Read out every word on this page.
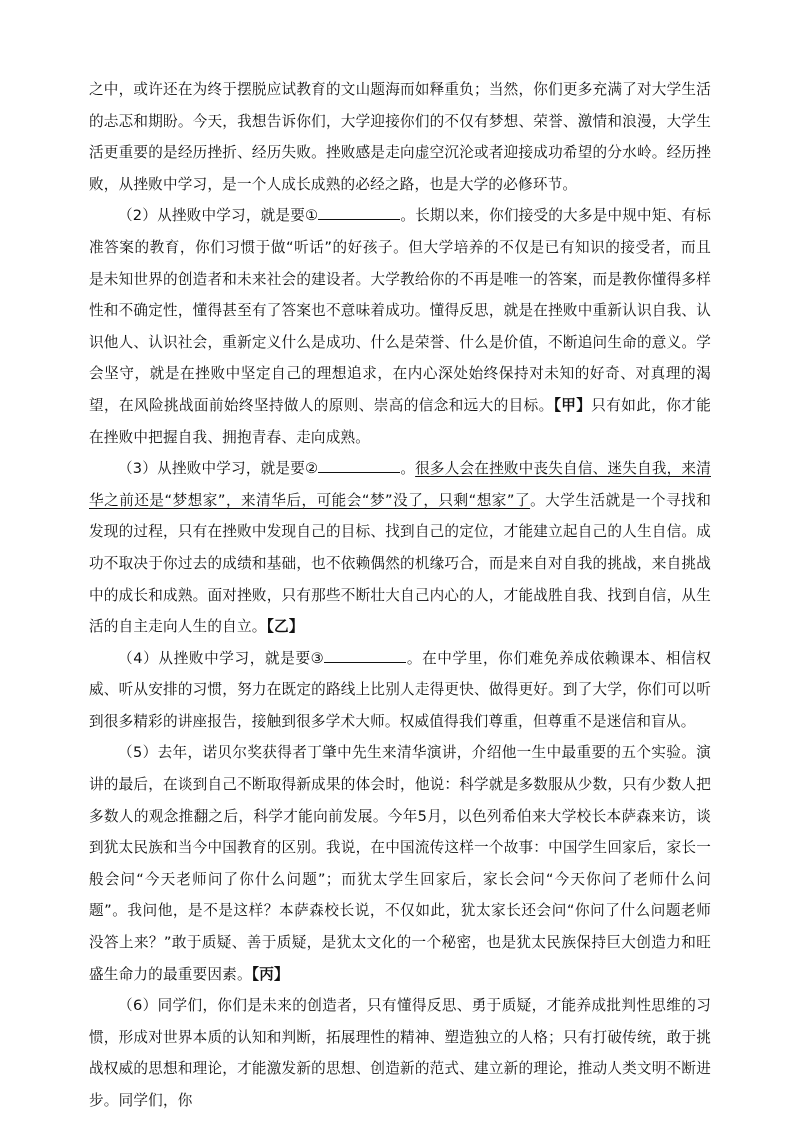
之中，或许还在为终于摆脱应试教育的文山题海而如释重负；当然，你们更多充满了对大学生活的忐忑和期盼。今天，我想告诉你们，大学迎接你们的不仅有梦想、荣誉、激情和浪漫，大学生活更重要的是经历挫折、经历失败。挫败感是走向虚空沉沦或者迎接成功希望的分水岭。经历挫败，从挫败中学习，是一个人成长成熟的必经之路，也是大学的必修环节。

（2）从挫败中学习，就是要①	。长期以来，你们接受的大多是中规中矩、有标准答案的教育，你们习惯于做“听话”的好孩子。但大学培养的不仅是已有知识的接受者，而且是未知世界的创造者和未来社会的建设者。大学教给你的不再是唯一的答案，而是教你懂得多样性和不确定性，懂得甚至有了答案也不意味着成功。懂得反思，就是在挫败中重新认识自我、认识他人、认识社会，重新定义什么是成功、什么是荣誉、什么是价值，不断追问生命的意义。学会坚守，就是在挫败中坚定自己的理想追求，在内心深处始终保持对未知的好奇、对真理的渴望，在风险挑战面前始终坚持做人的原则、崇高的信念和远大的目标。【甲】只有如此，你才能在挫败中把握自我、拥抱青春、走向成熟。

（3）从挫败中学习，就是要②	。很多人会在挫败中丧失自信、迷失自我，来清华之前还是“梦想家”，来清华后，可能会“梦”没了，只剩“想家”了。大学生活就是一个寻找和发现的过程，只有在挫败中发现自己的目标、找到自己的定位，才能建立起自己的人生自信。成功不取决于你过去的成绩和基础，也不依赖偶然的机缘巧合，而是来自对自我的挑战，来自挑战中的成长和成熟。面对挫败，只有那些不断壮大自己内心的人，才能战胜自我、找到自信，从生活的自主走向人生的自立。【乙】

（4）从挫败中学习，就是要③	。在中学里，你们难免养成依赖课本、相信权威、听从安排的习惯，努力在既定的路线上比别人走得更快、做得更好。到了大学，你们可以听到很多精彩的讲座报告，接触到很多学术大师。权威值得我们尊重，但尊重不是迷信和盲从。

（5）去年，诺贝尔奖获得者丁肇中先生来清华演讲，介绍他一生中最重要的五个实验。演讲的最后，在谈到自己不断取得新成果的体会时，他说：科学就是多数服从少数，只有少数人把多数人的观念推翻之后，科学才能向前发展。今年5月，以色列希伯来大学校长本萨森来访，谈到犹太民族和当今中国教育的区别。我说，在中国流传这样一个故事：中国学生回家后，家长一般会问“今天老师问了你什么问题”；而犹太学生回家后，家长会问“今天你问了老师什么问题”。我问他，是不是这样？本萨森校长说，不仅如此，犹太家长还会问“你问了什么问题老师没答上来？”敢于质疑、善于质疑，是犹太文化的一个秘密，也是犹太民族保持巨大创造力和旺盛生命力的最重要因素。【丙】

（6）同学们，你们是未来的创造者，只有懂得反思、勇于质疑，才能养成批判性思维的习惯，形成对世界本质的认知和判断，拓展理性的精神、塑造独立的人格；只有打破传统，敢于挑战权威的思想和理论，才能激发新的思想、创造新的范式、建立新的理论，推动人类文明不断进步。同学们，你
